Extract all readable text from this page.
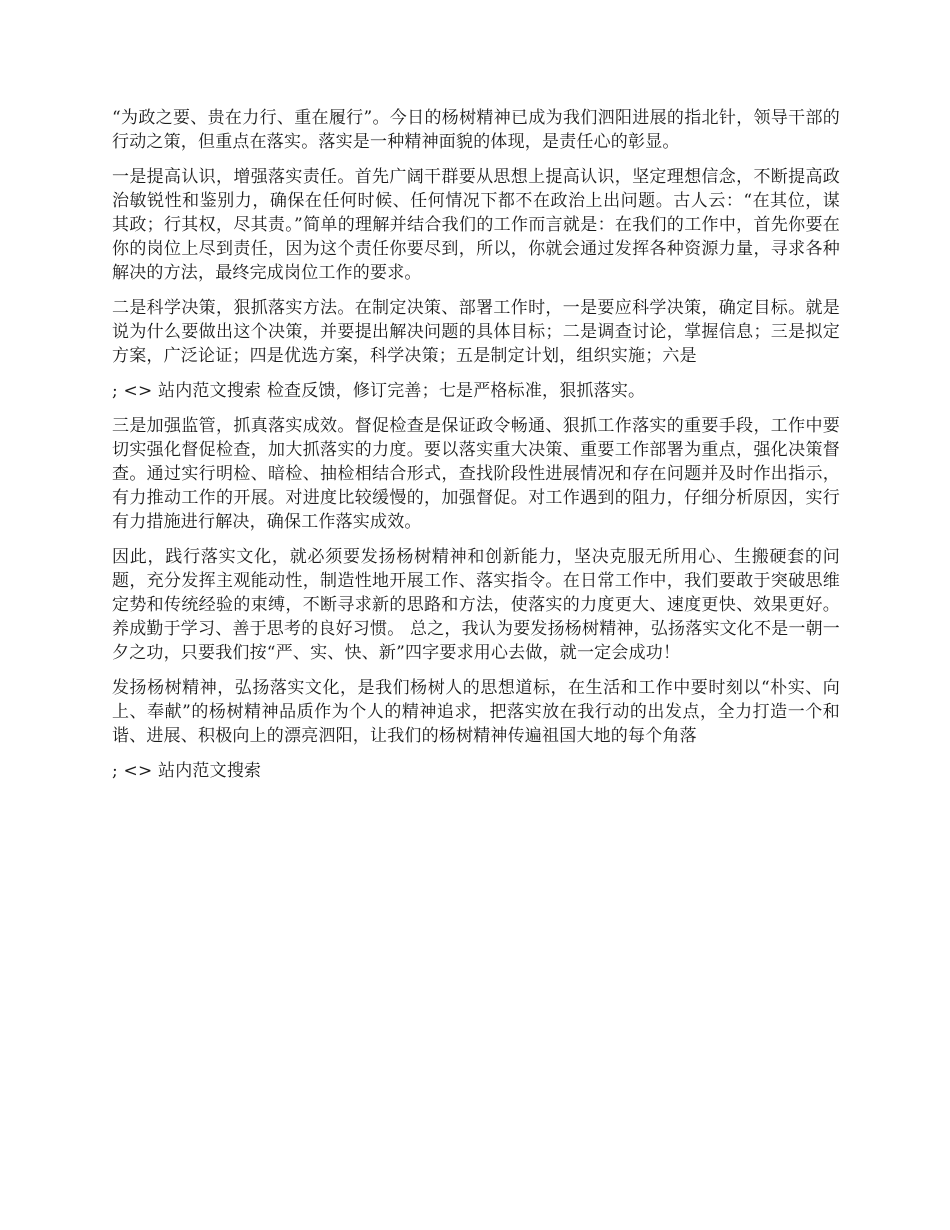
“为政之要、贵在力行、重在履行”。今日的杨树精神已成为我们泗阳进展的指北针，领导干部的行动之策，但重点在落实。落实是一种精神面貌的体现，是责任心的彰显。

一是提高认识，增强落实责任。首先广阔干群要从思想上提高认识，坚定理想信念，不断提高政治敏锐性和鉴别力，确保在任何时候、任何情况下都不在政治上出问题。古人云：“在其位，谋其政；行其权，尽其责。”简单的理解并结合我们的工作而言就是：在我们的工作中，首先你要在你的岗位上尽到责任，因为这个责任你要尽到，所以，你就会通过发挥各种资源力量，寻求各种解决的方法，最终完成岗位工作的要求。

二是科学决策，狠抓落实方法。在制定决策、部署工作时，一是要应科学决策，确定目标。就是说为什么要做出这个决策，并要提出解决问题的具体目标；二是调查讨论，掌握信息；三是拟定方案，广泛论证；四是优选方案，科学决策；五是制定计划，组织实施；六是

; <> 站内范文搜索 检查反馈，修订完善；七是严格标准，狠抓落实。

三是加强监管，抓真落实成效。督促检查是保证政令畅通、狠抓工作落实的重要手段，工作中要切实强化督促检查，加大抓落实的力度。要以落实重大决策、重要工作部署为重点，强化决策督查。通过实行明检、暗检、抽检相结合形式，查找阶段性进展情况和存在问题并及时作出指示，有力推动工作的开展。对进度比较缓慢的，加强督促。对工作遇到的阻力，仔细分析原因，实行有力措施进行解决，确保工作落实成效。

因此，践行落实文化，就必须要发扬杨树精神和创新能力，坚决克服无所用心、生搬硬套的问题，充分发挥主观能动性，制造性地开展工作、落实指令。在日常工作中，我们要敢于突破思维定势和传统经验的束缚，不断寻求新的思路和方法，使落实的力度更大、速度更快、效果更好。养成勤于学习、善于思考的良好习惯。 总之，我认为要发扬杨树精神，弘扬落实文化不是一朝一夕之功，只要我们按“严、实、快、新”四字要求用心去做，就一定会成功！

发扬杨树精神，弘扬落实文化，是我们杨树人的思想道标，在生活和工作中要时刻以“朴实、向上、奉献”的杨树精神品质作为个人的精神追求，把落实放在我行动的出发点，全力打造一个和谐、进展、积极向上的漂亮泗阳，让我们的杨树精神传遍祖国大地的每个角落

; <> 站内范文搜索
